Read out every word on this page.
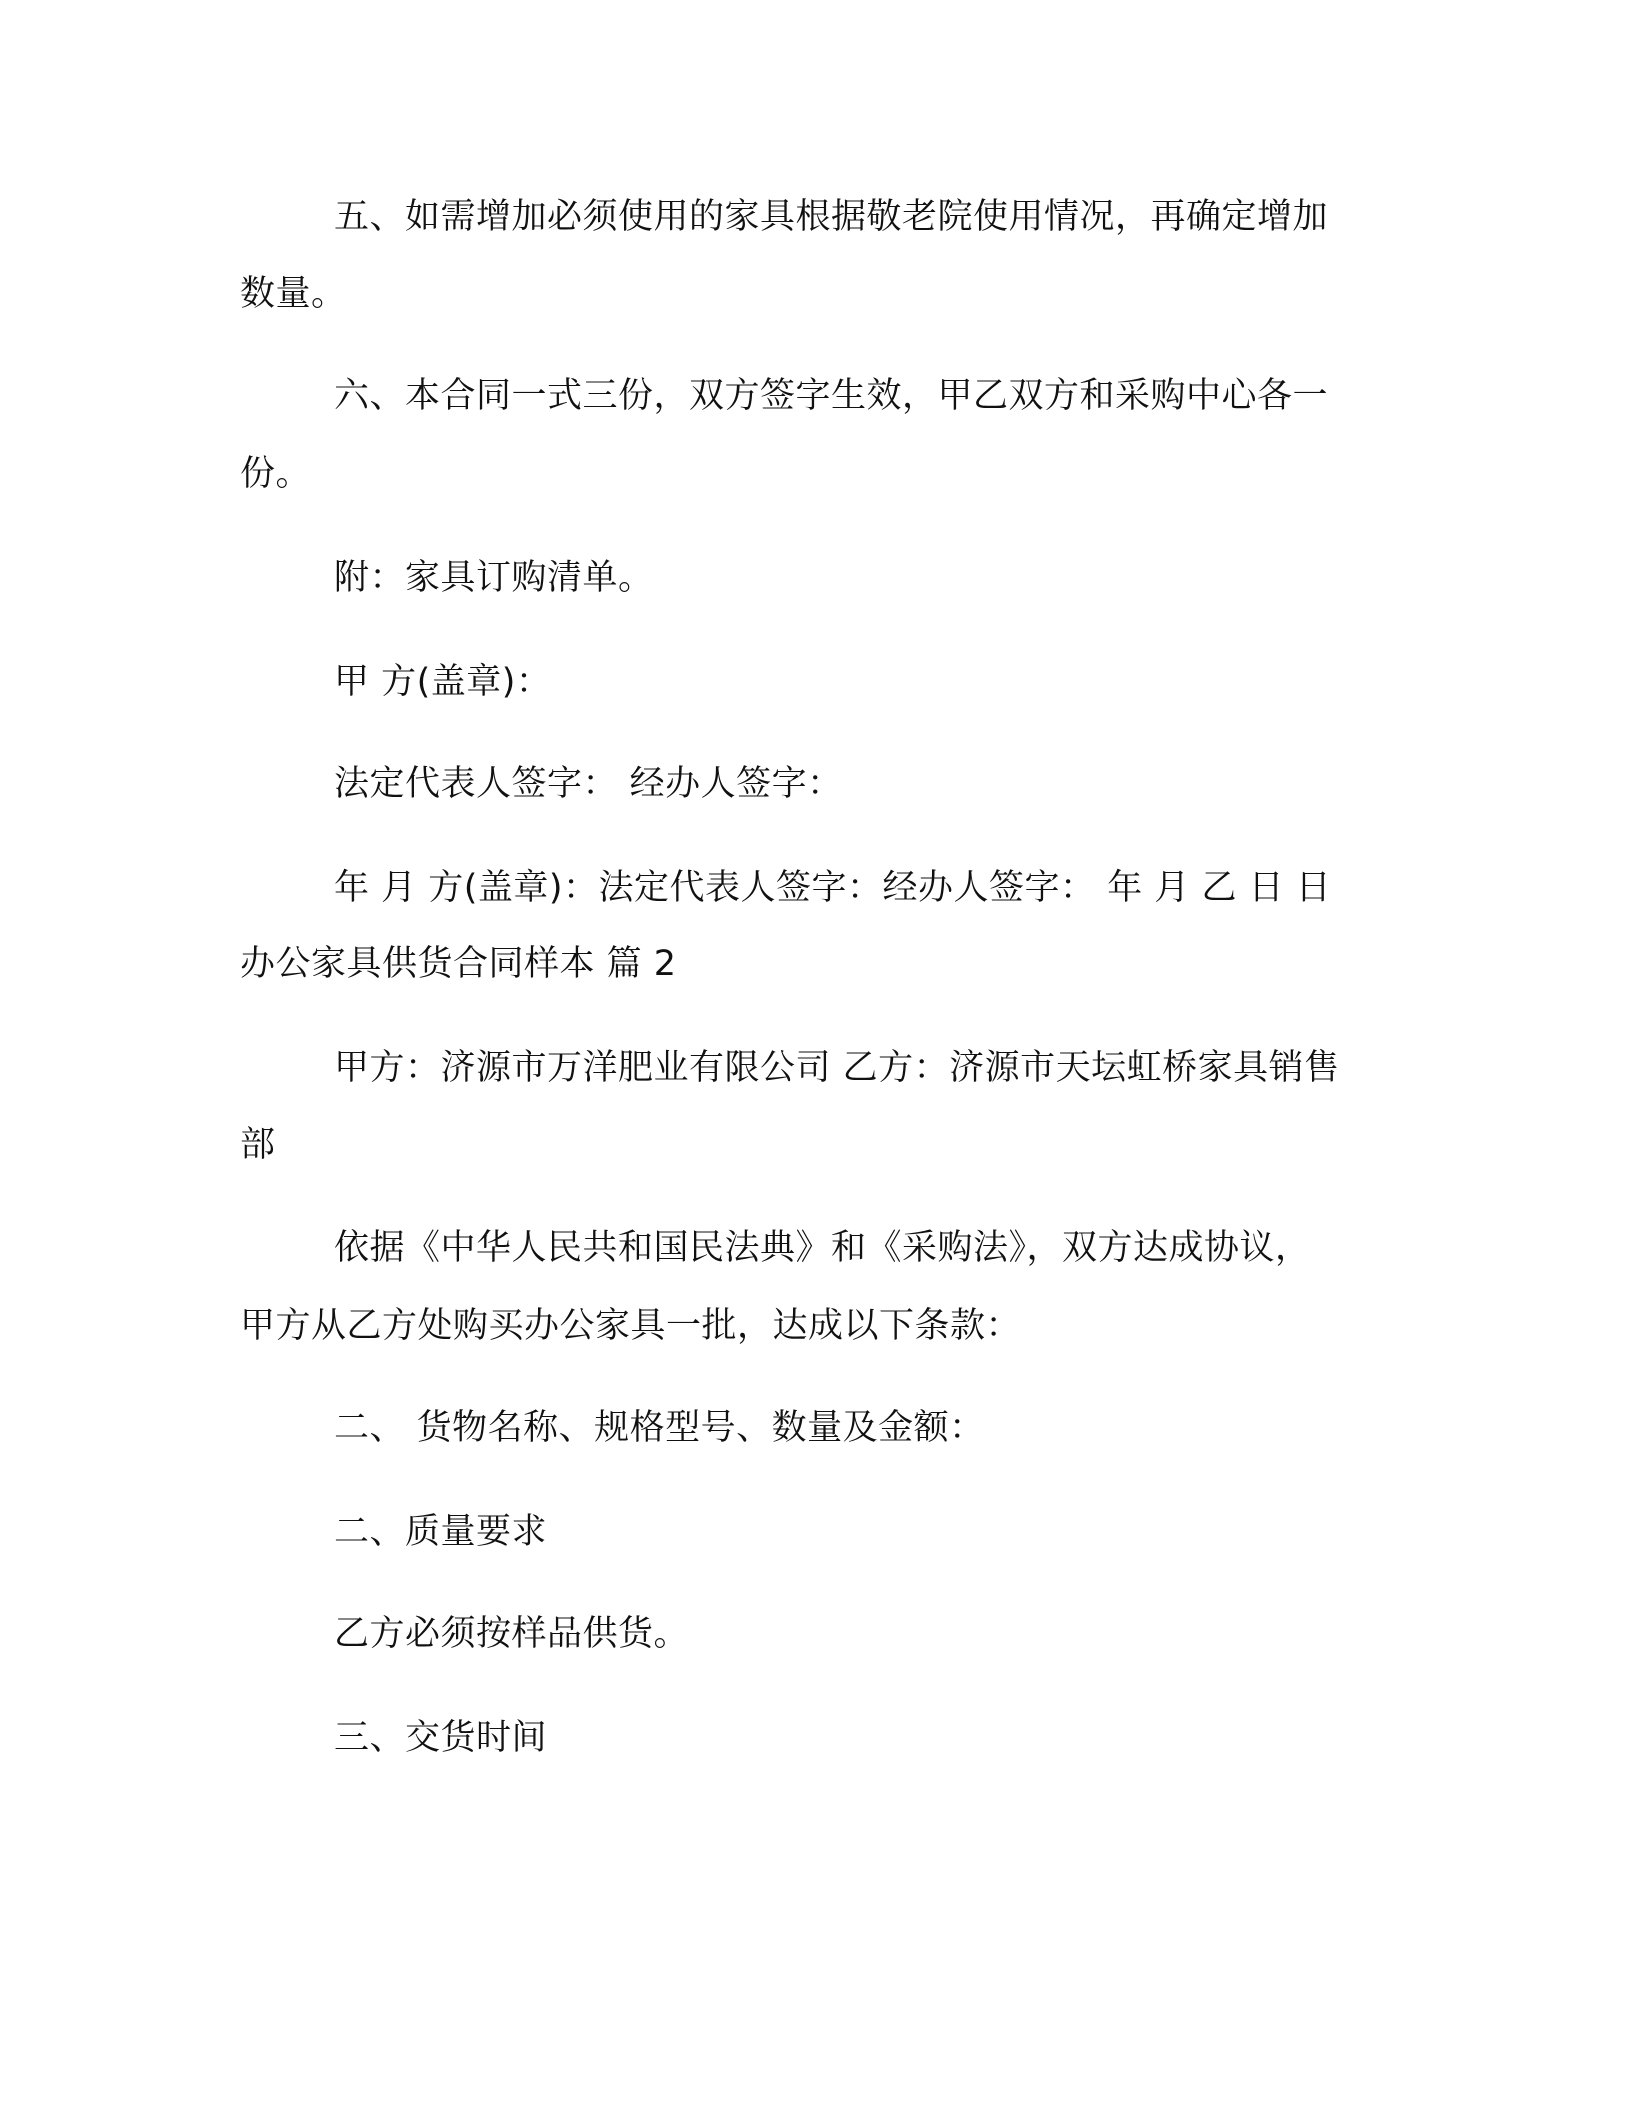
五、如需增加必须使用的家具根据敬老院使用情况，再确定增加
数量。
六、本合同一式三份，双方签字生效，甲乙双方和采购中心各一
份。
附：家具订购清单。
甲 方(盖章)：
法定代表人签字： 经办人签字：
年 月 方(盖章)：法定代表人签字：经办人签字： 年 月 乙 日 日
办公家具供货合同样本 篇 2
甲方：济源市万洋肥业有限公司 乙方：济源市天坛虹桥家具销售
部
依据《中华人民共和国民法典》和《采购法》，双方达成协议，
甲方从乙方处购买办公家具一批，达成以下条款：
二、 货物名称、规格型号、数量及金额：
二、质量要求
乙方必须按样品供货。
三、交货时间
